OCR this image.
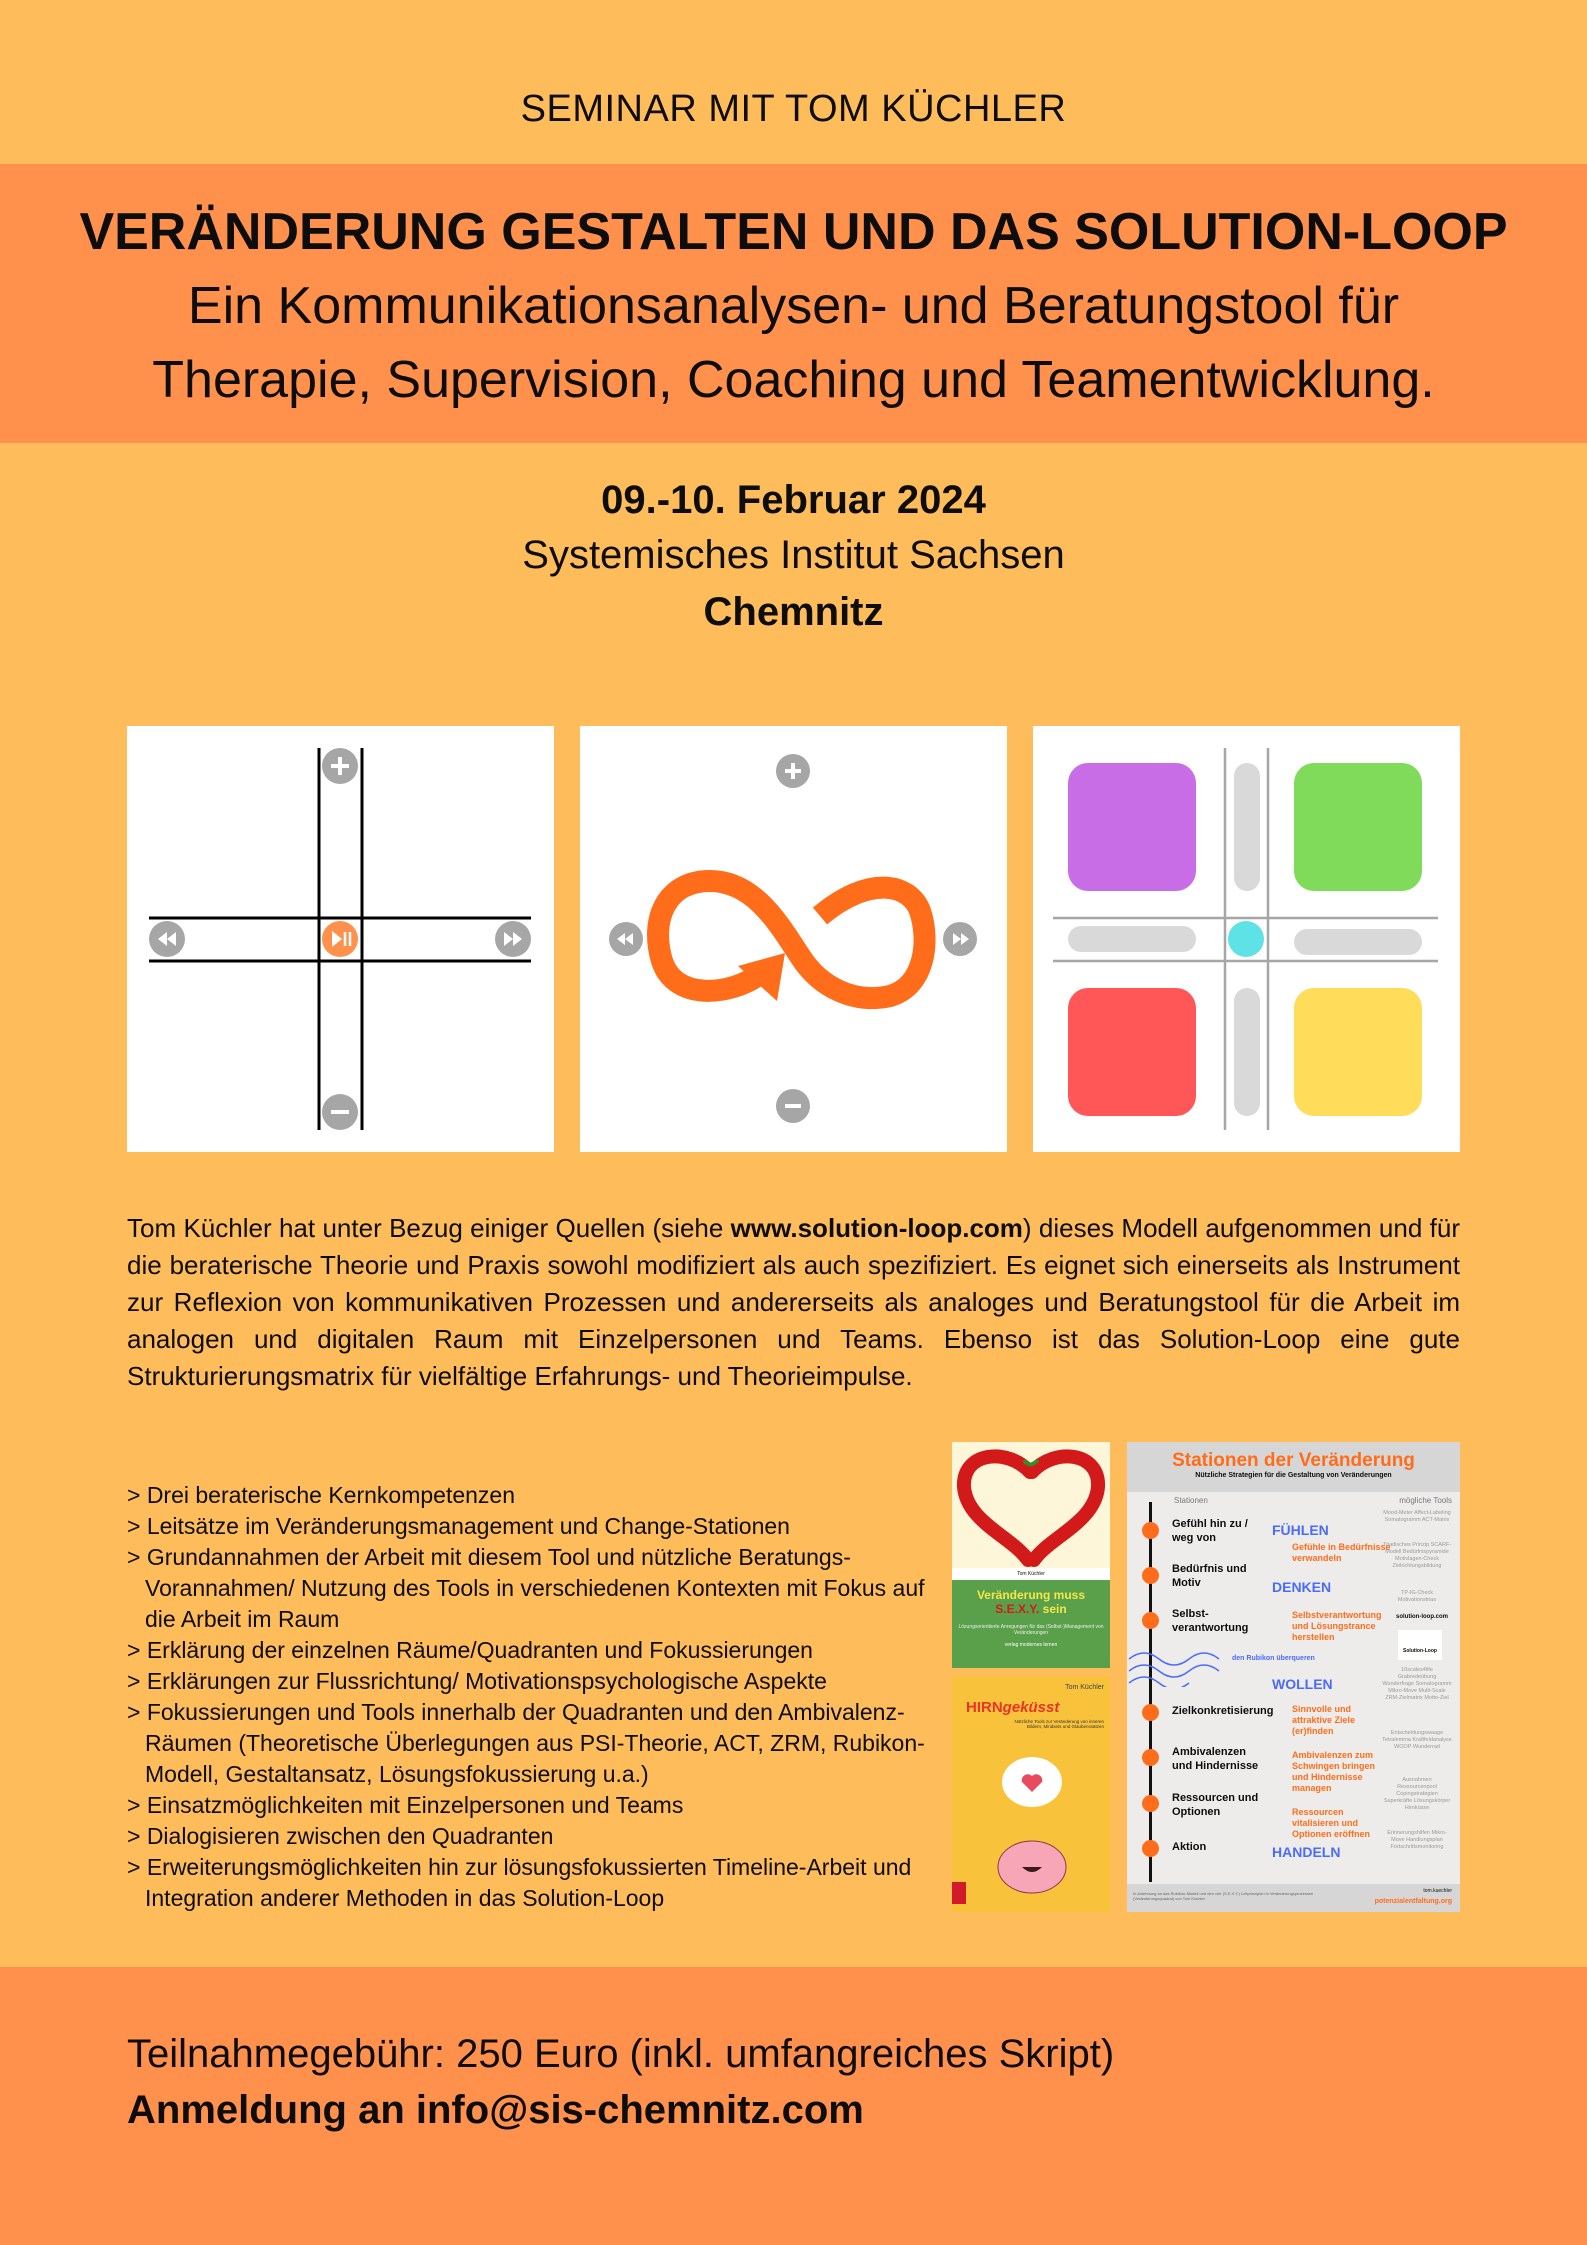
SEMINAR MIT TOM KÜCHLER
VERÄNDERUNG GESTALTEN UND DAS SOLUTION-LOOP
Ein Kommunikationsanalysen- und Beratungstool für
Therapie, Supervision, Coaching und Teamentwicklung.
09.-10. Februar 2024
Systemisches Institut Sachsen
Chemnitz

Tom Küchler hat unter Bezug einiger Quellen (siehe www.solution-loop.com) dieses Modell aufgenommen und für die beraterische Theorie und Praxis sowohl modifiziert als auch spezifiziert. Es eignet sich einerseits als Instrument zur Reflexion von kommunikativen Prozessen und andererseits als analoges und Beratungstool für die Arbeit im analogen und digitalen Raum mit Einzelpersonen und Teams. Ebenso ist das Solution-Loop eine gute Strukturierungsmatrix für vielfältige Erfahrungs- und Theorieimpulse.

> Drei beraterische Kernkompetenzen
> Leitsätze im Veränderungsmanagement und Change-Stationen
> Grundannahmen der Arbeit mit diesem Tool und nützliche Beratungs-Vorannahmen/ Nutzung des Tools in verschiedenen Kontexten mit Fokus auf die Arbeit im Raum
> Erklärung der einzelnen Räume/Quadranten und Fokussierungen
> Erklärungen zur Flussrichtung/ Motivationspsychologische Aspekte
> Fokussierungen und Tools innerhalb der Quadranten und den Ambivalenz-Räumen (Theoretische Überlegungen aus PSI-Theorie, ACT, ZRM, Rubikon-Modell, Gestaltansatz, Lösungsfokussierung u.a.)
> Einsatzmöglichkeiten mit Einzelpersonen und Teams
> Dialogisieren zwischen den Quadranten
> Erweiterungsmöglichkeiten hin zur lösungsfokussierten Timeline-Arbeit und Integration anderer Methoden in das Solution-Loop
Tom Küchler
Veränderung muss
S.E.X.Y. sein
Lösungsorientierte Anregungen für das (Selbst-)Management von Veränderungen
verlag modernes lernen
Tom Küchler
HIRNgeküsst
Nützliche Tools zur Veränderung von inneren Bildern, Mindsets und Glaubenssätzen
Stationen der Veränderung
Nützliche Strategien für die Gestaltung von Veränderungen
Stationen	mögliche Tools
Gefühl hin zu / weg von
Bedürfnis und Motiv
Selbst-verantwortung
Zielkonkretisierung
Ambivalenzen und Hindernisse
Ressourcen und Optionen
Aktion
FÜHLEN
DENKEN
WOLLEN
HANDELN
Gefühle in Bedürfnisse verwandeln
Selbstverantwortung und Lösungstrance herstellen
Sinnvolle und attraktive Ziele (er)finden
Ambivalenzen zum Schwingen bringen und Hindernisse managen
Ressourcen vitalisieren und Optionen eröffnen
den Rubikon überqueren
Mood-Meter Affect-Labeling Somatogramm ACT-Matrix
Triadisches Prinzip SCARF-Modell Bedürfnispyramide Motivlagen-Check Zielrichtungsbildung
TP-IG-Check Motivationstrias
solution-loop.com
Solution-Loop
10scales4life Grabredeübung Wunderfrage Somatogramm Mikro-Move Multi-Scale ZRM-Zielmatrix Motto-Ziel
Entscheidungswaage Tetralemma Kraftfeldanalyse WOOP Wunderrad
Ausnahmen Ressourcenpool Copingstrategien Superkräfte Lösungskörper Hirnküsse
Erinnerungshilfen Mikro-Move Handlungsplan Fortschrittsmonitoring
In Anlehnung an das Rubikon-Modell und den vier (S.E.X.Y.) Leitprinzipien in Veränderungsprozessen (Veränderungsquadrat) von Tom Küchler
tom.kuechler
potenzialentfaltung.org
Teilnahmegebühr: 250 Euro (inkl. umfangreiches Skript)
Anmeldung an info@sis-chemnitz.com
